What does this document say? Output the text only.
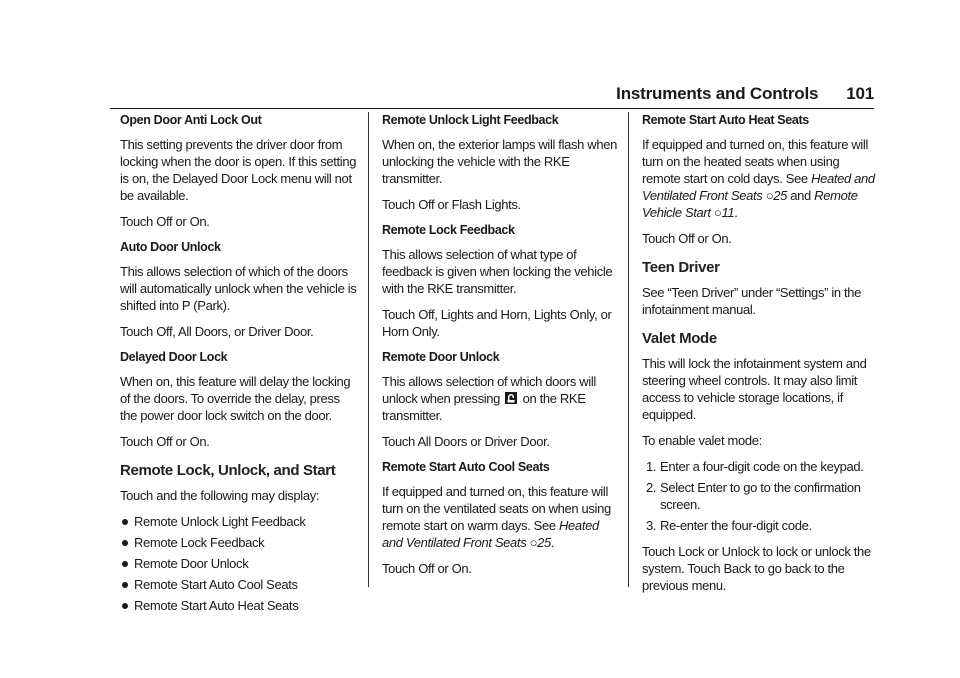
Instruments and Controls 101
Open Door Anti Lock Out

This setting prevents the driver door from locking when the door is open. If this setting is on, the Delayed Door Lock menu will not be available.

Touch Off or On.

Auto Door Unlock

This allows selection of which of the doors will automatically unlock when the vehicle is shifted into P (Park).

Touch Off, All Doors, or Driver Door.

Delayed Door Lock

When on, this feature will delay the locking of the doors. To override the delay, press the power door lock switch on the door.

Touch Off or On.

Remote Lock, Unlock, and Start

Touch and the following may display:

Remote Unlock Light Feedback
Remote Lock Feedback
Remote Door Unlock
Remote Start Auto Cool Seats
Remote Start Auto Heat Seats
Remote Unlock Light Feedback

When on, the exterior lamps will flash when unlocking the vehicle with the RKE transmitter.

Touch Off or Flash Lights.

Remote Lock Feedback

This allows selection of what type of feedback is given when locking the vehicle with the RKE transmitter.

Touch Off, Lights and Horn, Lights Only, or Horn Only.

Remote Door Unlock

This allows selection of which doors will unlock when pressing on the RKE transmitter.

Touch All Doors or Driver Door.

Remote Start Auto Cool Seats

If equipped and turned on, this feature will turn on the ventilated seats on when using remote start on warm days. See Heated and Ventilated Front Seats ○25.

Touch Off or On.

Remote Start Auto Heat Seats

If equipped and turned on, this feature will turn on the heated seats when using remote start on cold days. See Heated and Ventilated Front Seats ○25 and Remote Vehicle Start ○11.

Touch Off or On.

Teen Driver

See “Teen Driver” under “Settings” in the infotainment manual.

Valet Mode

This will lock the infotainment system and steering wheel controls. It may also limit access to vehicle storage locations, if equipped.

To enable valet mode:

1. Enter a four-digit code on the keypad.
2. Select Enter to go to the confirmation screen.
3. Re-enter the four-digit code.

Touch Lock or Unlock to lock or unlock the system. Touch Back to go back to the previous menu.
